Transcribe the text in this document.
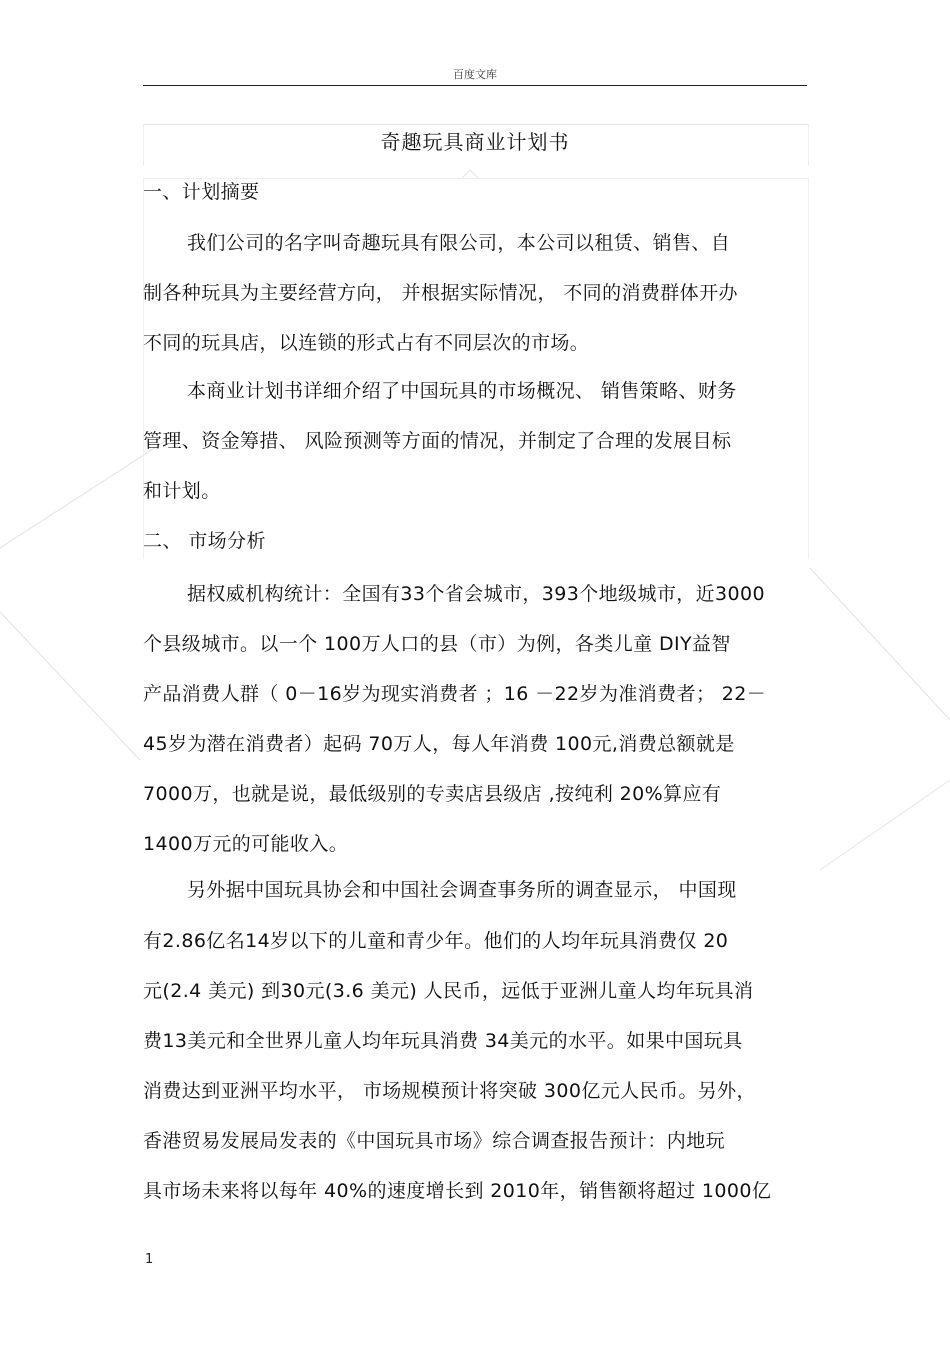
百度文库
奇趣玩具商业计划书
一、计划摘要
我们公司的名字叫奇趣玩具有限公司，本公司以租赁、销售、自
制各种玩具为主要经营方向， 并根据实际情况， 不同的消费群体开办
不同的玩具店，以连锁的形式占有不同层次的市场。
本商业计划书详细介绍了中国玩具的市场概况、 销售策略、财务
管理、资金筹措、 风险预测等方面的情况，并制定了合理的发展目标
和计划。
二、 市场分析
据权威机构统计：全国有33个省会城市，393个地级城市，近3000
个县级城市。以一个 100万人口的县（市）为例，各类儿童 DIY益智
产品消费人群（ 0－16岁为现实消费者 ；16 －22岁为准消费者； 22－
45岁为潜在消费者）起码 70万人，每人年消费 100元,消费总额就是
7000万，也就是说，最低级别的专卖店县级店 ,按纯利 20%算应有
1400万元的可能收入。
另外据中国玩具协会和中国社会调查事务所的调查显示， 中国现
有2.86亿名14岁以下的儿童和青少年。他们的人均年玩具消费仅 20
元(2.4 美元) 到30元(3.6 美元) 人民币，远低于亚洲儿童人均年玩具消
费13美元和全世界儿童人均年玩具消费 34美元的水平。如果中国玩具
消费达到亚洲平均水平， 市场规模预计将突破 300亿元人民币。另外，
香港贸易发展局发表的《中国玩具市场》综合调查报告预计：内地玩
具市场未来将以每年 40%的速度增长到 2010年，销售额将超过 1000亿
1
